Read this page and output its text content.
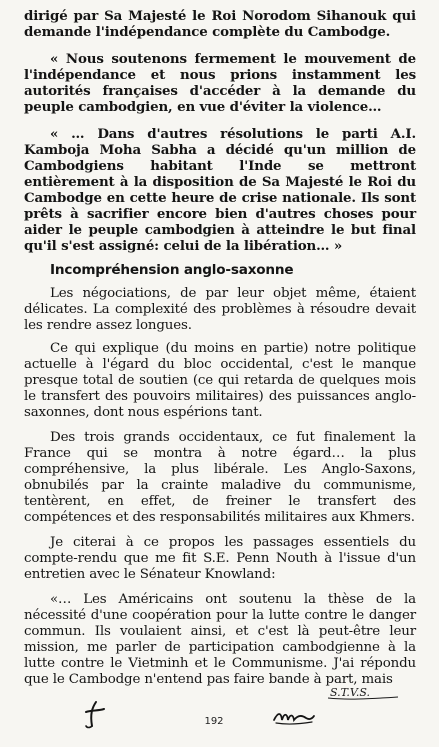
dirigé par Sa Majesté le Roi Norodom Sihanouk qui demande l'indépendance complète du Cambodge.

« Nous soutenons fermement le mouvement de l'indépendance et nous prions instamment les autorités françaises d'accéder à la demande du peuple cambodgien, en vue d'éviter la violence…

« … Dans d'autres résolutions le parti A.I. Kamboja Moha Sabha a décidé qu'un million de Cambodgiens habitant l'Inde se mettront entièrement à la disposition de Sa Majesté le Roi du Cambodge en cette heure de crise nationale. Ils sont prêts à sacrifier encore bien d'autres choses pour aider le peuple cambodgien à atteindre le but final qu'il s'est assigné: celui de la libération… »

Incompréhension anglo-saxonne

Les négociations, de par leur objet même, étaient délicates. La complexité des problèmes à résoudre devait les rendre assez longues.

Ce qui explique (du moins en partie) notre politique actuelle à l'égard du bloc occidental, c'est le manque presque total de soutien (ce qui retarda de quelques mois le transfert des pouvoirs militaires) des puissances anglo-saxonnes, dont nous espérions tant.

Des trois grands occidentaux, ce fut finalement la France qui se montra à notre égard… la plus compréhensive, la plus libérale. Les Anglo-Saxons, obnubilés par la crainte maladive du communisme, tentèrent, en effet, de freiner le transfert des compétences et des responsabilités militaires aux Khmers.

Je citerai à ce propos les passages essentiels du compte-rendu que me fit S.E. Penn Nouth à l'issue d'un entretien avec le Sénateur Knowland:

«… Les Américains ont soutenu la thèse de la nécessité d'une coopération pour la lutte contre le danger commun. Ils voulaient ainsi, et c'est là peut-être leur mission, me parler de participation cambodgienne à la lutte contre le Vietminh et le Communisme. J'ai répondu que le Cambodge n'entend pas faire bande à part, mais

S.T.V.S.
192
